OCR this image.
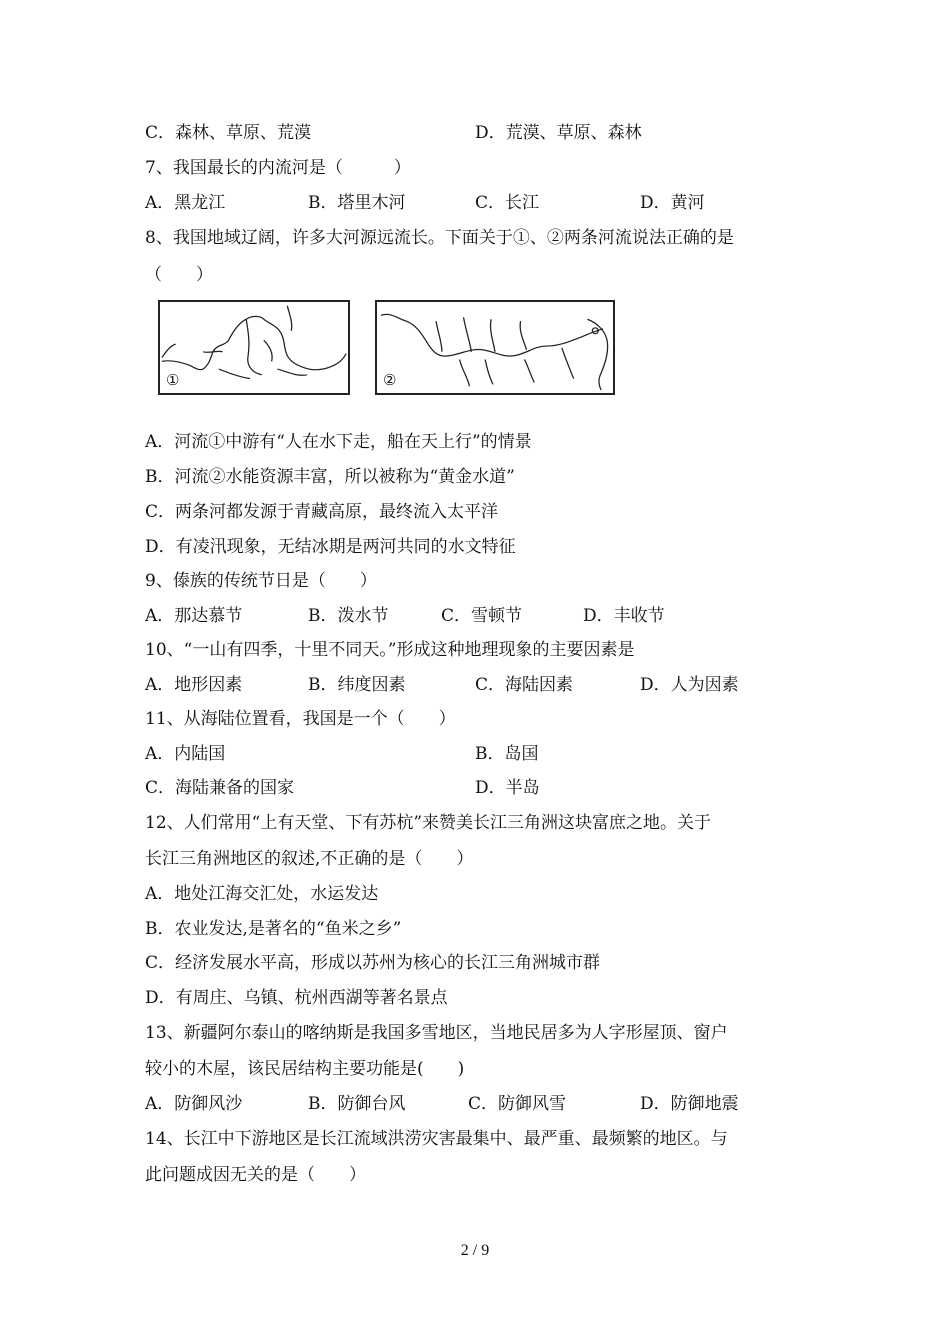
C．森林、草原、荒漠	D．荒漠、草原、森林
7、我国最长的内流河是（　　　）
A．黑龙江	B．塔里木河	C．长江	D．黄河
8、我国地域辽阔，许多大河源远流长。下面关于①、②两条河流说法正确的是
（　　）
①	②
A．河流①中游有“人在水下走，船在天上行”的情景
B．河流②水能资源丰富，所以被称为“黄金水道”
C．两条河都发源于青藏高原，最终流入太平洋
D．有凌汛现象，无结冰期是两河共同的水文特征
9、傣族的传统节日是（　　）
A．那达慕节	B．泼水节	C．雪顿节	D．丰收节
10、“一山有四季，十里不同天。”形成这种地理现象的主要因素是
A．地形因素	B．纬度因素	C．海陆因素	D．人为因素
11、从海陆位置看，我国是一个（　　）
A．内陆国	B．岛国
C．海陆兼备的国家	D．半岛
12、人们常用“上有天堂、下有苏杭”来赞美长江三角洲这块富庶之地。关于
长江三角洲地区的叙述,不正确的是（　　）
A．地处江海交汇处，水运发达
B．农业发达,是著名的“鱼米之乡”
C．经济发展水平高，形成以苏州为核心的长江三角洲城市群
D．有周庄、乌镇、杭州西湖等著名景点
13、新疆阿尔泰山的喀纳斯是我国多雪地区，当地民居多为人字形屋顶、窗户
较小的木屋，该民居结构主要功能是(　　)
A．防御风沙	B．防御台风	C．防御风雪	D．防御地震
14、长江中下游地区是长江流域洪涝灾害最集中、最严重、最频繁的地区。与
此问题成因无关的是（　　）
2 / 9
